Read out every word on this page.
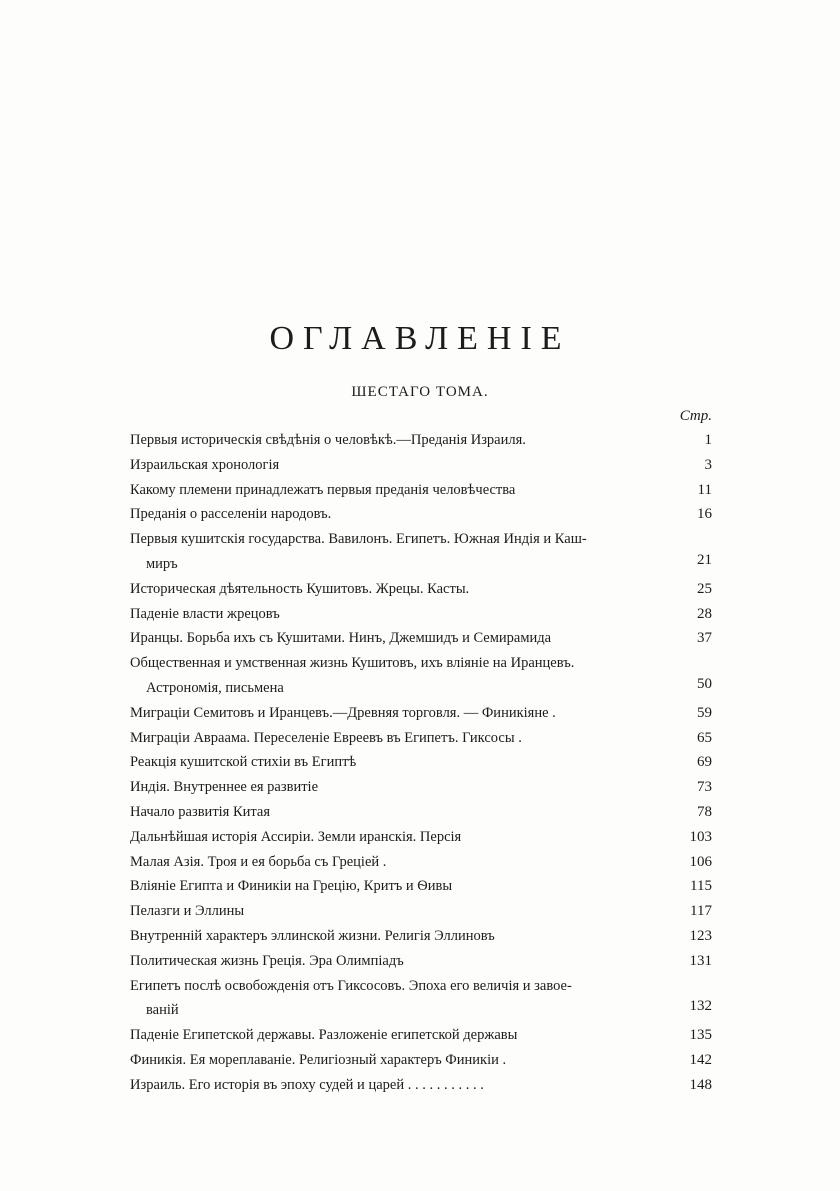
ОГЛАВЛЕНІЕ
ШЕСТАГО ТОМА.
Стр.
Первыя историческія свѣдѣнія о человѣкѣ.—Преданія Израиля.	1
Израильская хронологія	3
Какому племени принадлежатъ первыя преданія человѣчества	11
Преданія о расселеніи народовъ.	16
Первыя кушитскія государства. Вавилонъ. Египетъ. Южная Индія и Каш-
миръ	21
Историческая дѣятельность Кушитовъ. Жрецы. Касты.	25
Паденіе власти жрецовъ	28
Иранцы. Борьба ихъ съ Кушитами. Нинъ, Джемшидъ и Семирамида	37
Общественная и умственная жизнь Кушитовъ, ихъ вліяніе на Иранцевъ.
Астрономія, письмена	50
Миграціи Семитовъ и Иранцевъ.—Древняя торговля. — Финикіяне .	59
Миграціи Авраама. Переселеніе Евреевъ въ Египетъ. Гиксосы .	65
Реакція кушитской стихіи въ Египтѣ	69
Индія. Внутреннее ея развитіе	73
Начало развитія Китая	78
Дальнѣйшая исторія Ассиріи. Земли иранскія. Персія	103
Малая Азія. Троя и ея борьба съ Греціей .	106
Вліяніе Египта и Финикіи на Грецію, Критъ и Ѳивы	115
Пелазги и Эллины	117
Внутренній характеръ эллинской жизни. Религія Эллиновъ	123
Политическая жизнь Греція. Эра Олимпіадъ	131
Египетъ послѣ освобожденія отъ Гиксосовъ. Эпоха его величія и завое-
ваній	132
Паденіе Египетской державы. Разложеніе египетской державы	135
Финикія. Ея мореплаваніе. Религіозный характеръ Финикіи .	142
Израиль. Его исторія въ эпоху судей и царей . . . . . . . . . . .	148
